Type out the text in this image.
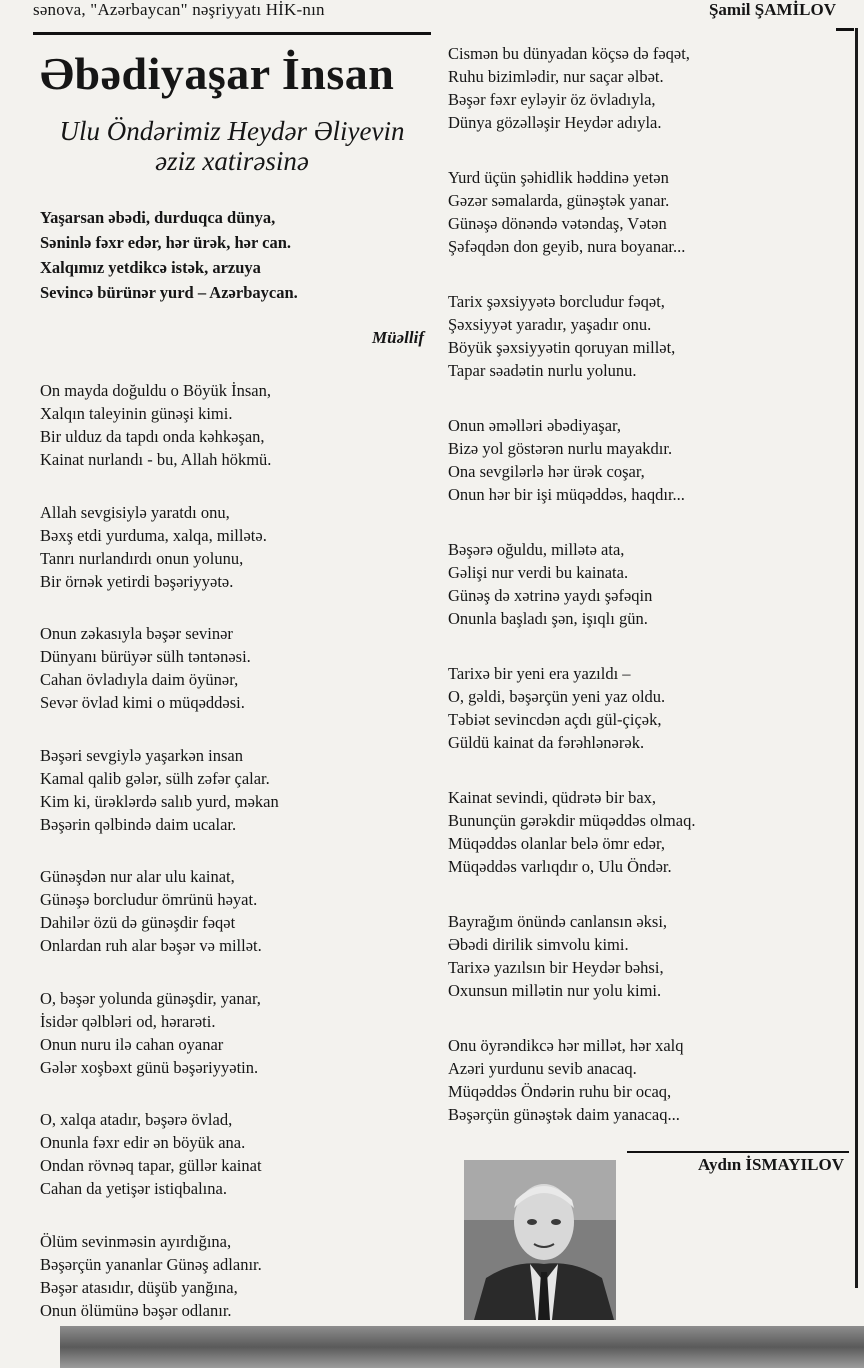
sənova, "Azərbaycan" nəşriyyatı HİK-nın	Şamil ŞAMİLOV
Əbədiyaşar İnsan
Ulu Öndərimiz Heydər Əliyevin əziz xatirəsinə
Yaşarsan əbədi, durduqca dünya,
Səninlə fəxr edər, hər ürək, hər can.
Xalqımız yetdikcə istək, arzuya
Sevincə bürünər yurd – Azərbaycan.
Müəllif
On mayda doğuldu o Böyük İnsan,
Xalqın taleyinin günəşi kimi.
Bir ulduz da tapdı onda kəhkəşan,
Kainat nurlandı - bu, Allah hökmü.
Allah sevgisiylə yaratdı onu,
Bəxş etdi yurduma, xalqa, millətə.
Tanrı nurlandırdı onun yolunu,
Bir örnək yetirdi bəşəriyyətə.
Onun zəkasıyla bəşər sevinər
Dünyanı bürüyər sülh təntənəsi.
Cahan övladıyla daim öyünər,
Sevər övlad kimi o müqəddəsi.
Bəşəri sevgiylə yaşarkən insan
Kamal qalib gələr, sülh zəfər çalar.
Kim ki, ürəklərdə salıb yurd, məkan
Bəşərin qəlbində daim ucalar.
Günəşdən nur alar ulu kainat,
Günəşə borcludur ömrünü həyat.
Dahilər özü də günəşdir fəqət
Onlardan ruh alar bəşər və millət.
O, bəşər yolunda günəşdir, yanar,
İsidər qəlbləri od, hərarəti.
Onun nuru ilə cahan oyanar
Gələr xoşbəxt günü bəşəriyyətin.
O, xalqa atadır, bəşərə övlad,
Onunla fəxr edir ən böyük ana.
Ondan rövnəq tapar, güllər kainat
Cahan da yetişər istiqbalına.
Ölüm sevinməsin ayırdığına,
Bəşərçün yananlar Günəş adlanır.
Bəşər atasıdır, düşüb yanğına,
Onun ölümünə bəşər odlanır.
Cismən bu dünyadan köçsə də fəqət,
Ruhu bizimlədir, nur saçar əlbət.
Bəşər fəxr eyləyir öz övladıyla,
Dünya gözəlləşir Heydər adıyla.
Yurd üçün şəhidlik həddinə yetən
Gəzər səmalarda, günəştək yanar.
Günəşə dönəndə vətəndaş, Vətən
Şəfəqdən don geyib, nura boyanar...
Tarix şəxsiyyətə borcludur fəqət,
Şəxsiyyət yaradır, yaşadır onu.
Böyük şəxsiyyətin qoruyan millət,
Tapar səadətin nurlu yolunu.
Onun əməlləri əbədiyaşar,
Bizə yol göstərən nurlu mayakdır.
Ona sevgilərlə hər ürək coşar,
Onun hər bir işi müqəddəs, haqdır...
Bəşərə oğuldu, millətə ata,
Gəlişi nur verdi bu kainata.
Günəş də xətrinə yaydı şəfəqin
Onunla başladı şən, işıqlı gün.
Tarixə bir yeni era yazıldı –
O, gəldi, bəşərçün yeni yaz oldu.
Təbiət sevincdən açdı gül-çiçək,
Güldü kainat da fərəhlənərək.
Kainat sevindi, qüdrətə bir bax,
Bununçün gərəkdir müqəddəs olmaq.
Müqəddəs olanlar belə ömr edər,
Müqəddəs varlıqdır o, Ulu Öndər.
Bayrağım önündə canlansın əksi,
Əbədi dirilik simvolu kimi.
Tarixə yazılsın bir Heydər bəhsi,
Oxunsun millətin nur yolu kimi.
Onu öyrəndikcə hər millət, hər xalq
Azəri yurdunu sevib anacaq.
Müqəddəs Öndərin ruhu bir ocaq,
Bəşərçün günəştək daim yanacaq...
Aydın İSMAYILOV
